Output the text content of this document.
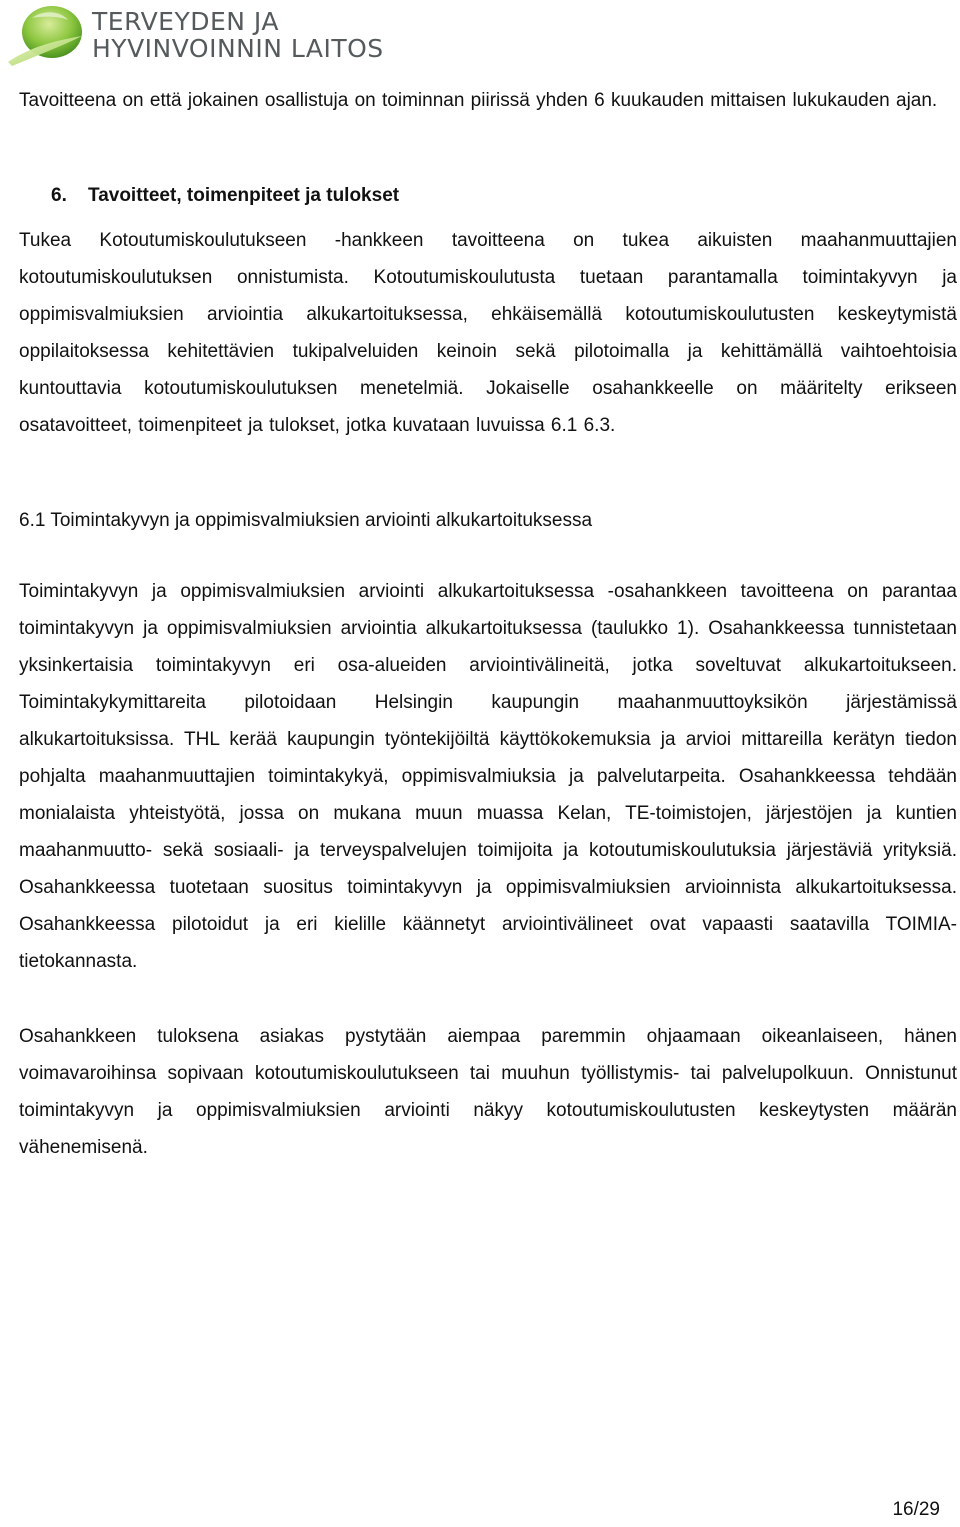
TERVEYDEN JA
HYVINVOINNIN LAITOS

Tavoitteena on että jokainen osallistuja on toiminnan piirissä yhden 6 kuukauden mittaisen lukukauden ajan.

6. Tavoitteet, toimenpiteet ja tulokset

Tukea Kotoutumiskoulutukseen -hankkeen tavoitteena on tukea aikuisten maahanmuuttajien kotoutumiskoulutuksen onnistumista. Kotoutumiskoulutusta tuetaan parantamalla toimintakyvyn ja oppimisvalmiuksien arviointia alkukartoituksessa, ehkäisemällä kotoutumiskoulutusten keskeytymistä oppilaitoksessa kehitettävien tukipalveluiden keinoin sekä pilotoimalla ja kehittämällä vaihtoehtoisia kuntouttavia kotoutumiskoulutuksen menetelmiä. Jokaiselle osahankkeelle on määritelty erikseen osatavoitteet, toimenpiteet ja tulokset, jotka kuvataan luvuissa 6.1 6.3.

6.1 Toimintakyvyn ja oppimisvalmiuksien arviointi alkukartoituksessa

Toimintakyvyn ja oppimisvalmiuksien arviointi alkukartoituksessa -osahankkeen tavoitteena on parantaa toimintakyvyn ja oppimisvalmiuksien arviointia alkukartoituksessa (taulukko 1). Osahankkeessa tunnistetaan yksinkertaisia toimintakyvyn eri osa-alueiden arviointivälineitä, jotka soveltuvat alkukartoitukseen. Toimintakykymittareita pilotoidaan Helsingin kaupungin maahanmuuttoyksikön järjestämissä alkukartoituksissa. THL kerää kaupungin työntekijöiltä käyttökokemuksia ja arvioi mittareilla kerätyn tiedon pohjalta maahanmuuttajien toimintakykyä, oppimisvalmiuksia ja palvelutarpeita. Osahankkeessa tehdään monialaista yhteistyötä, jossa on mukana muun muassa Kelan, TE-toimistojen, järjestöjen ja kuntien maahanmuutto- sekä sosiaali- ja terveyspalvelujen toimijoita ja kotoutumiskoulutuksia järjestäviä yrityksiä. Osahankkeessa tuotetaan suositus toimintakyvyn ja oppimisvalmiuksien arvioinnista alkukartoituksessa. Osahankkeessa pilotoidut ja eri kielille käännetyt arviointivälineet ovat vapaasti saatavilla TOIMIA-tietokannasta.

Osahankkeen tuloksena asiakas pystytään aiempaa paremmin ohjaamaan oikeanlaiseen, hänen voimavaroihinsa sopivaan kotoutumiskoulutukseen tai muuhun työllistymis- tai palvelupolkuun. Onnistunut toimintakyvyn ja oppimisvalmiuksien arviointi näkyy kotoutumiskoulutusten keskeytysten määrän vähenemisenä.

16/29
